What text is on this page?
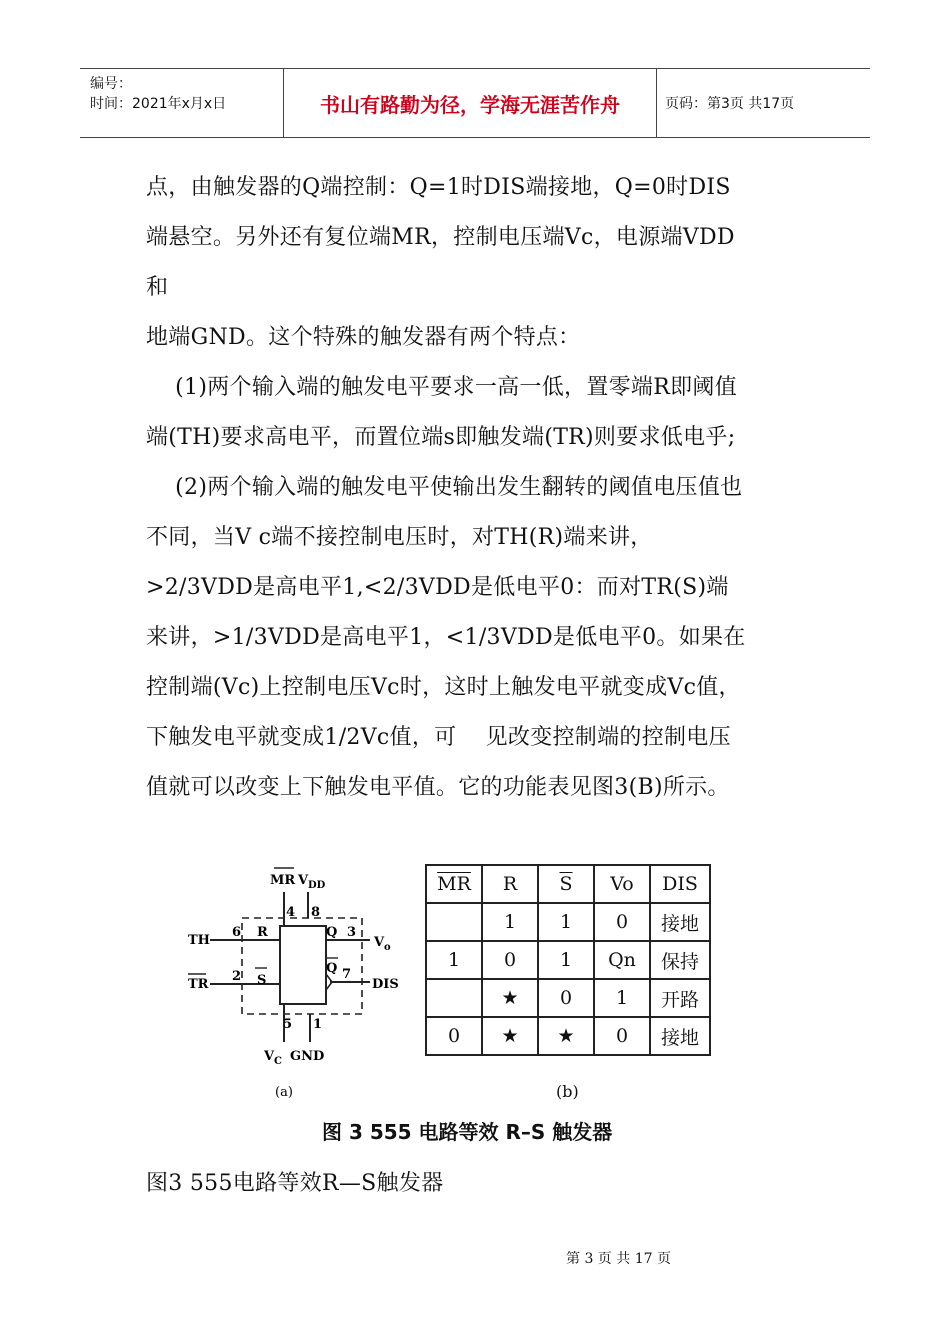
编号：
时间：2021年x月x日	书山有路勤为径，学海无涯苦作舟	页码：第3页 共17页
点，由触发器的Q端控制：Q=1时DIS端接地，Q=0时DIS
端悬空。另外还有复位端MR，控制电压端Vc，电源端VDD
和
地端GND。这个特殊的触发器有两个特点：
(1)两个输入端的触发电平要求一高一低，置零端R即阈值
端(TH)要求高电平，而置位端s即触发端(TR)则要求低电乎;
(2)两个输入端的触发电平使输出发生翻转的阈值电压值也
不同，当V c端不接控制电压时，对TH(R)端来讲，
>2/3VDD是高电平1,<2/3VDD是低电平0：而对TR(S)端
来讲，>1/3VDD是高电平1，<1/3VDD是低电平0。如果在
控制端(Vc)上控制电压Vc时，这时上触发电平就变成Vc值，
下触发电平就变成1/2Vc值，可    见改变控制端的控制电压
值就可以改变上下触发电平值。它的功能表见图3(B)所示。
MR V DD
4 8
TH
TR
6
2
R
S
V o
3
Q
Q 7
DIS
5 1
V C GND
(a)
$\overline{MR}$	R	$\overline{S}$	Vo	DIS
	1	1	0	接地
1	0	1	Qn	保持
	★	0	1	开路
0	★	★	0	接地
(b)
图 3 555 电路等效 R–S 触发器
图3 555电路等效R—S触发器
第 3 页 共 17 页
